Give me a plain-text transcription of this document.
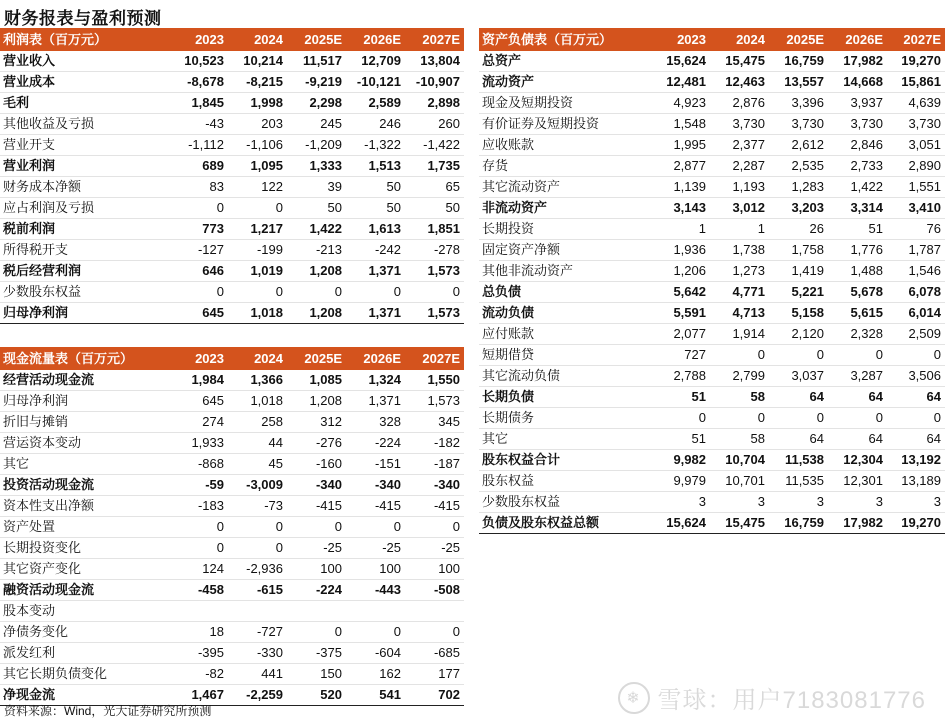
财务报表与盈利预测
利润表（百万元）	2023	2024	2025E	2026E	2027E
营业收入	10,523	10,214	11,517	12,709	13,804
营业成本	-8,678	-8,215	-9,219	-10,121	-10,907
毛利	1,845	1,998	2,298	2,589	2,898
其他收益及亏损	-43	203	245	246	260
营业开支	-1,112	-1,106	-1,209	-1,322	-1,422
营业利润	689	1,095	1,333	1,513	1,735
财务成本净额	83	122	39	50	65
应占利润及亏损	0	0	50	50	50
税前利润	773	1,217	1,422	1,613	1,851
所得税开支	-127	-199	-213	-242	-278
税后经营利润	646	1,019	1,208	1,371	1,573
少数股东权益	0	0	0	0	0
归母净利润	645	1,018	1,208	1,371	1,573
现金流量表（百万元）	2023	2024	2025E	2026E	2027E
经营活动现金流	1,984	1,366	1,085	1,324	1,550
归母净利润	645	1,018	1,208	1,371	1,573
折旧与摊销	274	258	312	328	345
营运资本变动	1,933	44	-276	-224	-182
其它	-868	45	-160	-151	-187
投资活动现金流	-59	-3,009	-340	-340	-340
资本性支出净额	-183	-73	-415	-415	-415
资产处置	0	0	0	0	0
长期投资变化	0	0	-25	-25	-25
其它资产变化	124	-2,936	100	100	100
融资活动现金流	-458	-615	-224	-443	-508
股本变动					
净债务变化	18	-727	0	0	0
派发红利	-395	-330	-375	-604	-685
其它长期负债变化	-82	441	150	162	177
净现金流	1,467	-2,259	520	541	702
资产负债表（百万元）	2023	2024	2025E	2026E	2027E
总资产	15,624	15,475	16,759	17,982	19,270
流动资产	12,481	12,463	13,557	14,668	15,861
现金及短期投资	4,923	2,876	3,396	3,937	4,639
有价证券及短期投资	1,548	3,730	3,730	3,730	3,730
应收账款	1,995	2,377	2,612	2,846	3,051
存货	2,877	2,287	2,535	2,733	2,890
其它流动资产	1,139	1,193	1,283	1,422	1,551
非流动资产	3,143	3,012	3,203	3,314	3,410
长期投资	1	1	26	51	76
固定资产净额	1,936	1,738	1,758	1,776	1,787
其他非流动资产	1,206	1,273	1,419	1,488	1,546
总负债	5,642	4,771	5,221	5,678	6,078
流动负债	5,591	4,713	5,158	5,615	6,014
应付账款	2,077	1,914	2,120	2,328	2,509
短期借贷	727	0	0	0	0
其它流动负债	2,788	2,799	3,037	3,287	3,506
长期负债	51	58	64	64	64
长期债务	0	0	0	0	0
其它	51	58	64	64	64
股东权益合计	9,982	10,704	11,538	12,304	13,192
股东权益	9,979	10,701	11,535	12,301	13,189
少数股东权益	3	3	3	3	3
负债及股东权益总额	15,624	15,475	16,759	17,982	19,270
资料来源：Wind，光大证券研究所预测
❄ 雪球：用户7183081776
